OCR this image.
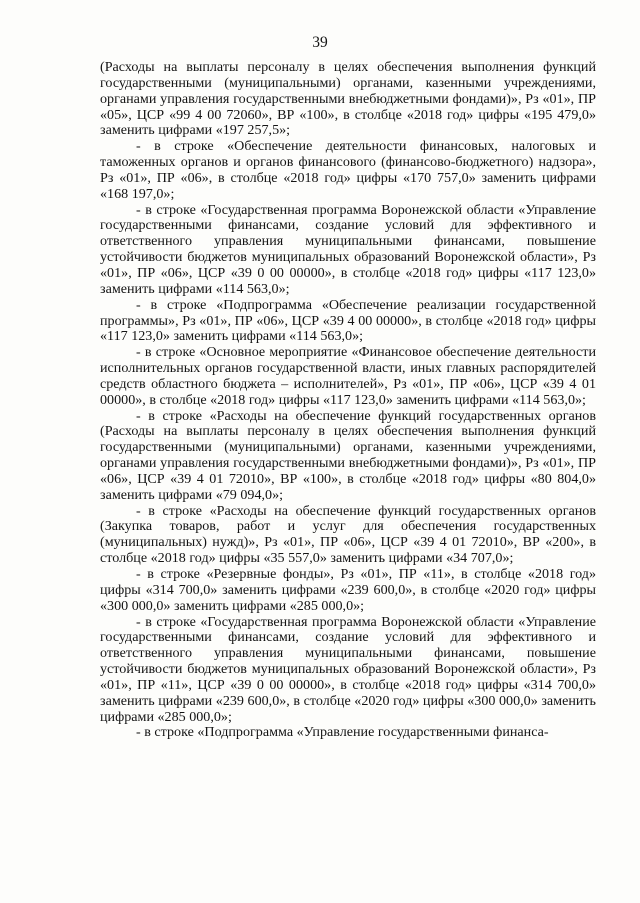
39

(Расходы на выплаты персоналу в целях обеспечения выполнения функций государственными (муниципальными) органами, казенными учреждениями, органами управления государственными внебюджетными фондами)», Рз «01», ПР «05», ЦСР «99 4 00 72060», ВР «100», в столбце «2018 год» цифры «195 479,0» заменить цифрами «197 257,5»;

- в строке «Обеспечение деятельности финансовых, налоговых и таможенных органов и органов финансового (финансово-бюджетного) надзора», Рз «01», ПР «06», в столбце «2018 год» цифры «170 757,0» заменить цифрами «168 197,0»;

- в строке «Государственная программа Воронежской области «Управление государственными финансами, создание условий для эффективного и ответственного управления муниципальными финансами, повышение устойчивости бюджетов муниципальных образований Воронежской области», Рз «01», ПР «06», ЦСР «39 0 00 00000», в столбце «2018 год» цифры «117 123,0» заменить цифрами «114 563,0»;

- в строке «Подпрограмма «Обеспечение реализации государственной программы», Рз «01», ПР «06», ЦСР «39 4 00 00000», в столбце «2018 год» цифры «117 123,0» заменить цифрами «114 563,0»;

- в строке «Основное мероприятие «Финансовое обеспечение деятельности исполнительных органов государственной власти, иных главных распорядителей средств областного бюджета – исполнителей», Рз «01», ПР «06», ЦСР «39 4 01 00000», в столбце «2018 год» цифры «117 123,0» заменить цифрами «114 563,0»;

- в строке «Расходы на обеспечение функций государственных органов (Расходы на выплаты персоналу в целях обеспечения выполнения функций государственными (муниципальными) органами, казенными учреждениями, органами управления государственными внебюджетными фондами)», Рз «01», ПР «06», ЦСР «39 4 01 72010», ВР «100», в столбце «2018 год» цифры «80 804,0» заменить цифрами «79 094,0»;

- в строке «Расходы на обеспечение функций государственных органов (Закупка товаров, работ и услуг для обеспечения государственных (муниципальных) нужд)», Рз «01», ПР «06», ЦСР «39 4 01 72010», ВР «200», в столбце «2018 год» цифры «35 557,0» заменить цифрами «34 707,0»;

- в строке «Резервные фонды», Рз «01», ПР «11», в столбце «2018 год» цифры «314 700,0» заменить цифрами «239 600,0», в столбце «2020 год» цифры «300 000,0» заменить цифрами «285 000,0»;

- в строке «Государственная программа Воронежской области «Управление государственными финансами, создание условий для эффективного и ответственного управления муниципальными финансами, повышение устойчивости бюджетов муниципальных образований Воронежской области», Рз «01», ПР «11», ЦСР «39 0 00 00000», в столбце «2018 год» цифры «314 700,0» заменить цифрами «239 600,0», в столбце «2020 год» цифры «300 000,0» заменить цифрами «285 000,0»;

- в строке «Подпрограмма «Управление государственными финанса-
